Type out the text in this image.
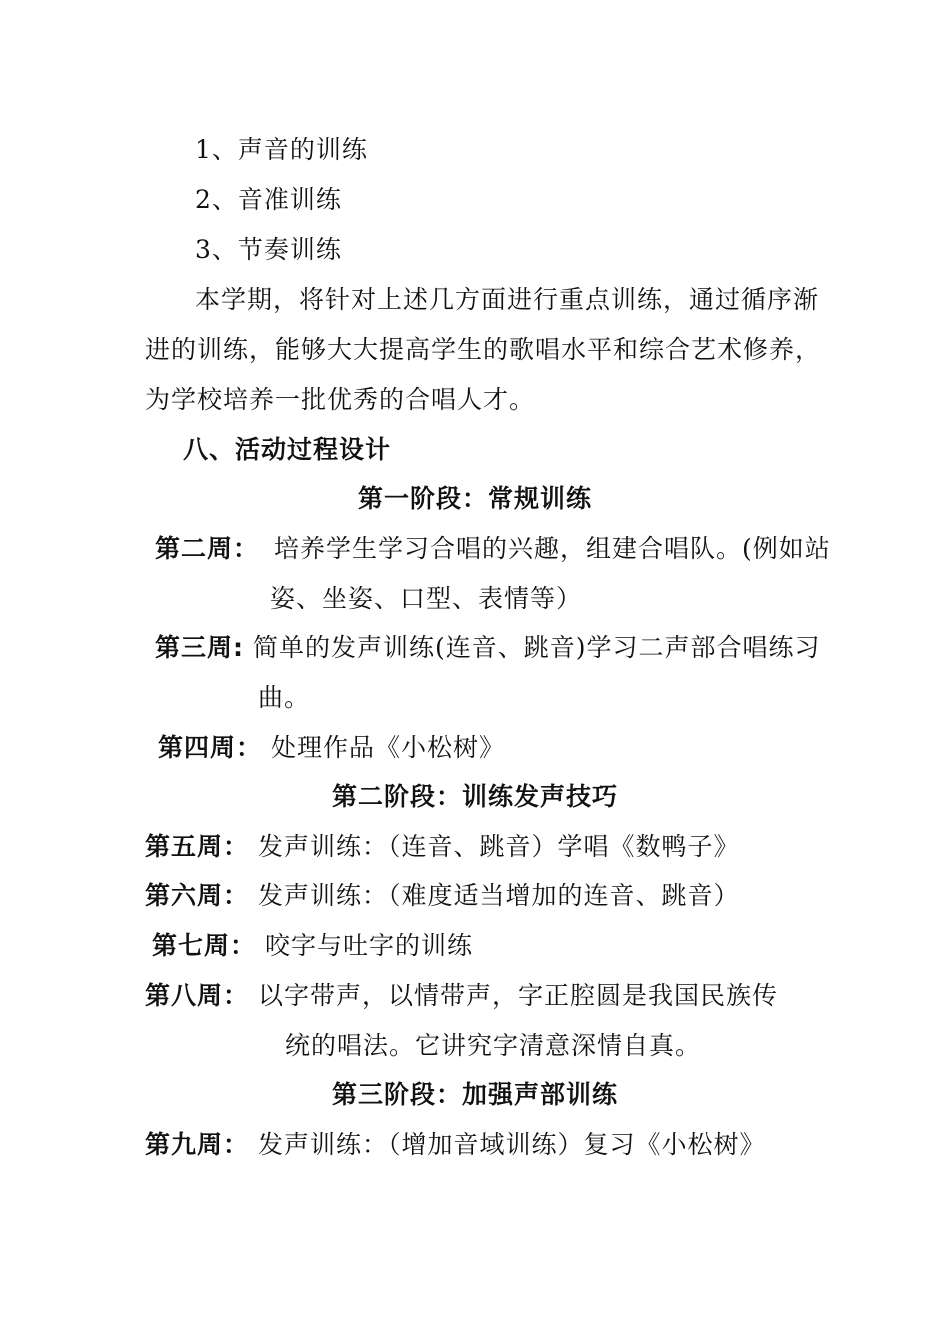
1、声音的训练
2、音准训练
3、节奏训练
本学期，将针对上述几方面进行重点训练，通过循序渐
进的训练，能够大大提高学生的歌唱水平和综合艺术修养，
为学校培养一批优秀的合唱人才。
八、活动过程设计
第一阶段：常规训练
第二周： 培养学生学习合唱的兴趣，组建合唱队。(例如站
姿、坐姿、口型、表情等）
第三周: 简单的发声训练(连音、跳音)学习二声部合唱练习
曲。
第四周： 处理作品《小松树》
第二阶段：训练发声技巧
第五周： 发声训练：（连音、跳音）学唱《数鸭子》
第六周： 发声训练：（难度适当增加的连音、跳音）
第七周： 咬字与吐字的训练
第八周： 以字带声，以情带声，字正腔圆是我国民族传
统的唱法。它讲究字清意深情自真。
第三阶段：加强声部训练
第九周： 发声训练：（增加音域训练）复习《小松树》
